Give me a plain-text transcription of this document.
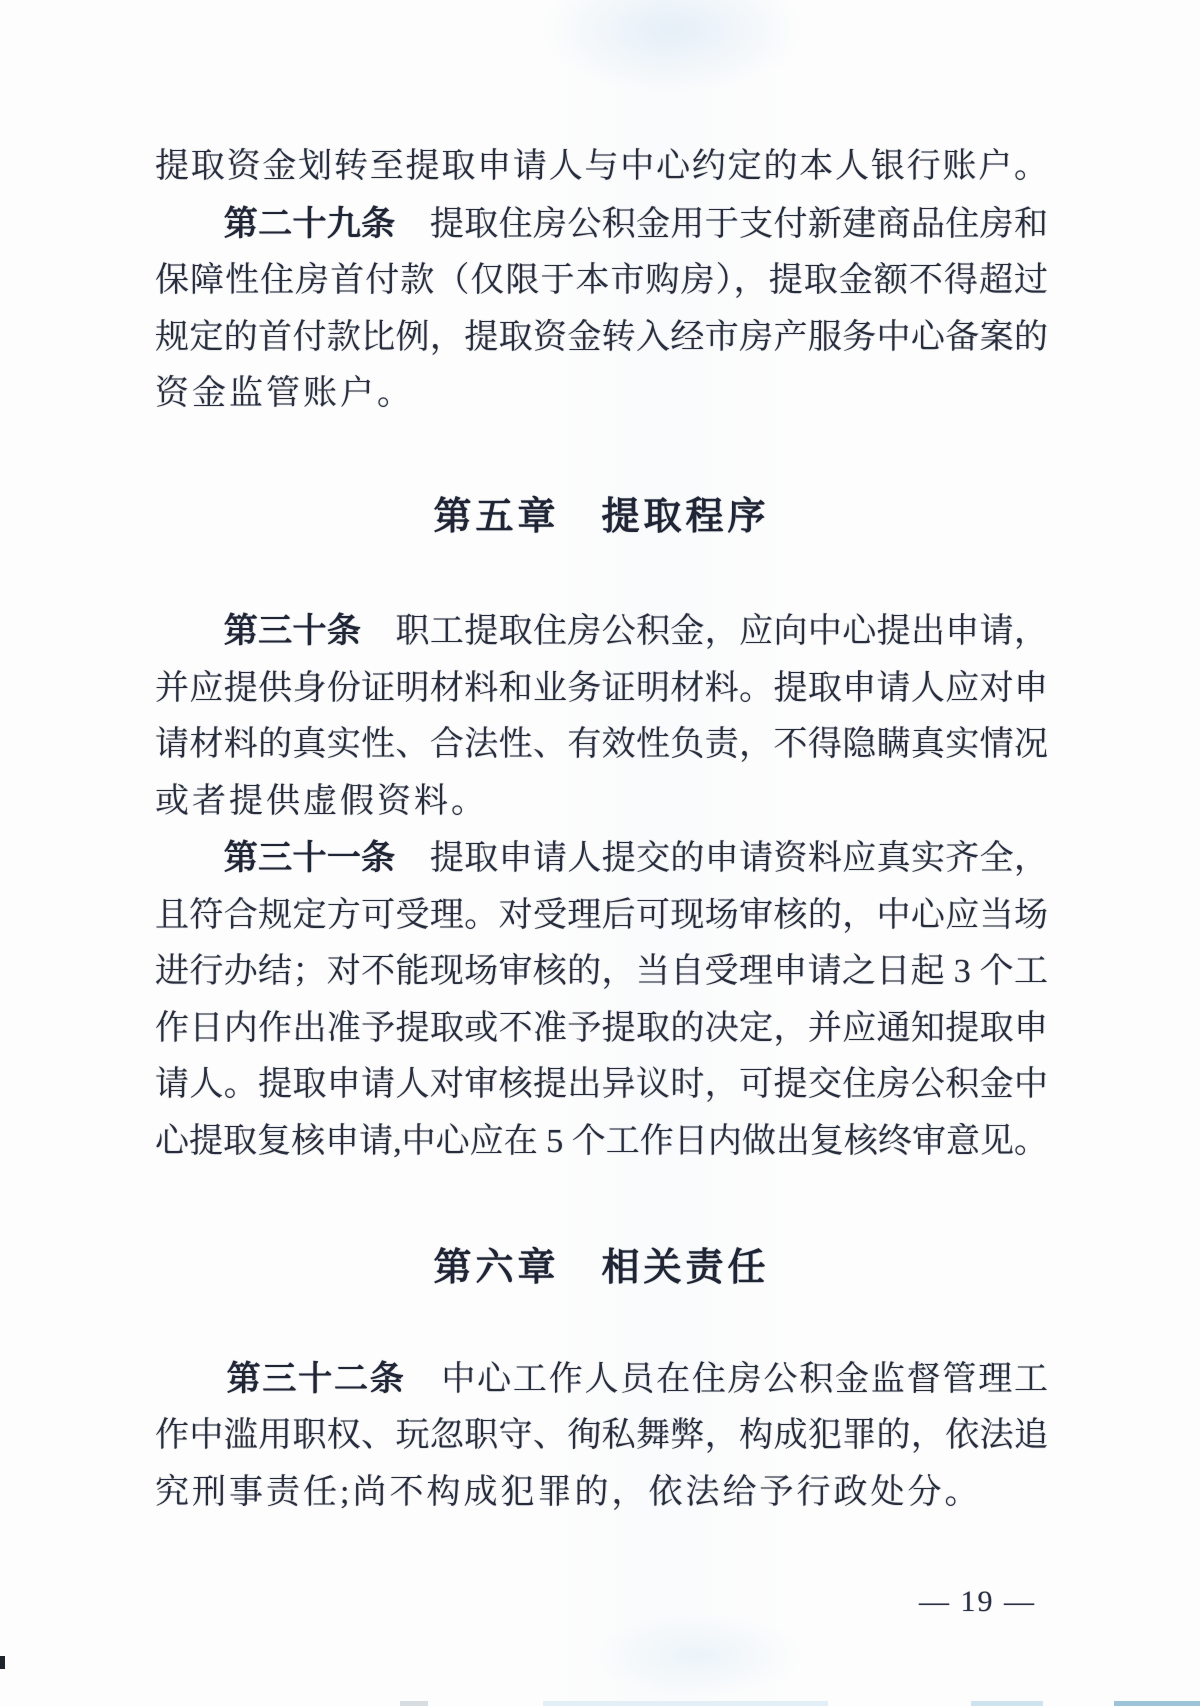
提取资金划转至提取申请人与中心约定的本人银行账户。
　　第二十九条　提取住房公积金用于支付新建商品住房和
保障性住房首付款（仅限于本市购房），提取金额不得超过
规定的首付款比例，提取资金转入经市房产服务中心备案的
资金监管账户。
第五章　提取程序
　　第三十条　职工提取住房公积金，应向中心提出申请，
并应提供身份证明材料和业务证明材料。提取申请人应对申
请材料的真实性、合法性、有效性负责，不得隐瞒真实情况
或者提供虚假资料。
　　第三十一条　提取申请人提交的申请资料应真实齐全，
且符合规定方可受理。对受理后可现场审核的，中心应当场
进行办结；对不能现场审核的，当自受理申请之日起 3 个工
作日内作出准予提取或不准予提取的决定，并应通知提取申
请人。提取申请人对审核提出异议时，可提交住房公积金中
心提取复核申请,中心应在 5 个工作日内做出复核终审意见。
第六章　相关责任
　　第三十二条　中心工作人员在住房公积金监督管理工
作中滥用职权、玩忽职守、徇私舞弊，构成犯罪的，依法追
究刑事责任;尚不构成犯罪的，依法给予行政处分。
— 19 —
